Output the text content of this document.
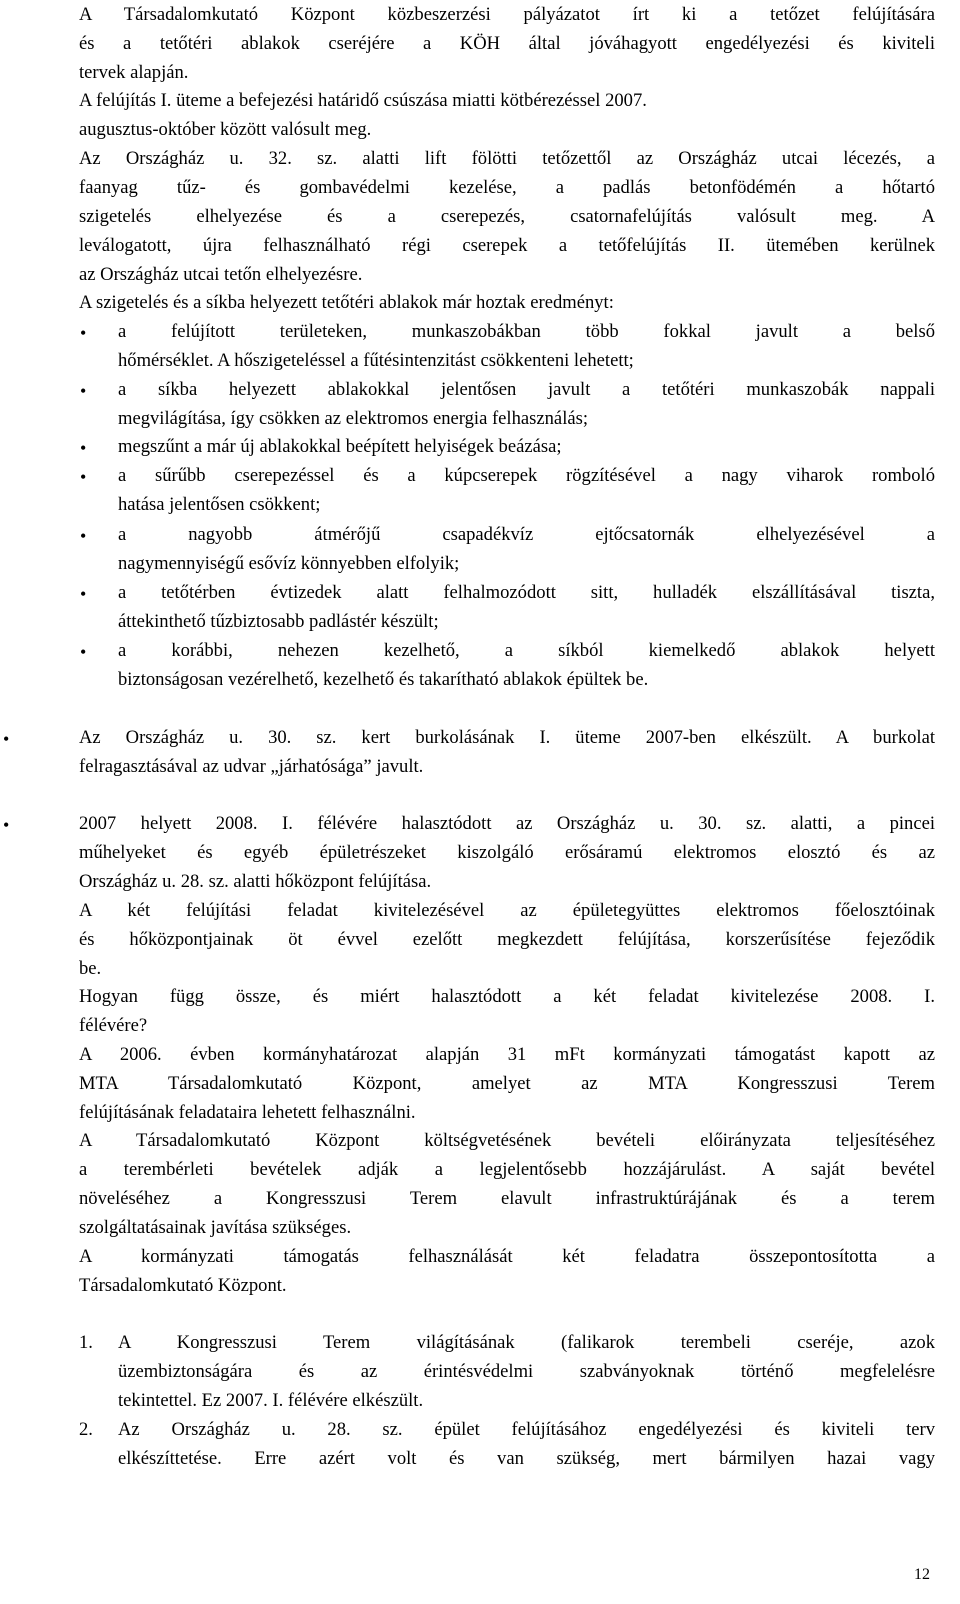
A Társadalomkutató Központ közbeszerzési pályázatot írt ki a tetőzet felújítására

és a tetőtéri ablakok cseréjére a KÖH által jóváhagyott engedélyezési és kiviteli

tervek alapján.

A felújítás I. üteme a befejezési határidő csúszása miatti kötbérezéssel 2007.

augusztus-október között valósult meg.

Az Országház u. 32. sz. alatti lift fölötti tetőzettől az Országház utcai lécezés, a

faanyag tűz- és gombavédelmi kezelése, a padlás betonfödémén a hőtartó

szigetelés elhelyezése és a cserepezés, csatornafelújítás valósult meg. A

leválogatott, újra felhasználható régi cserepek a tetőfelújítás II. ütemében kerülnek

az Országház utcai tetőn elhelyezésre.

A szigetelés és a síkba helyezett tetőtéri ablakok már hoztak eredményt:

• a felújított területeken, munkaszobákban több fokkal javult a belső

hőmérséklet. A hőszigeteléssel a fűtésintenzitást csökkenteni lehetett;

• a síkba helyezett ablakokkal jelentősen javult a tetőtéri munkaszobák nappali

megvilágítása, így csökken az elektromos energia felhasználás;

• megszűnt a már új ablakokkal beépített helyiségek beázása;

• a sűrűbb cserepezéssel és a kúpcserepek rögzítésével a nagy viharok romboló

hatása jelentősen csökkent;

• a nagyobb átmérőjű csapadékvíz ejtőcsatornák elhelyezésével a

nagymennyiségű esővíz könnyebben elfolyik;

• a tetőtérben évtizedek alatt felhalmozódott sitt, hulladék elszállításával tiszta,

áttekinthető tűzbiztosabb padlástér készült;

• a korábbi, nehezen kezelhető, a síkból kiemelkedő ablakok helyett

biztonságosan vezérelhető, kezelhető és takarítható ablakok épültek be.

•	Az Országház u. 30. sz. kert burkolásának I. üteme 2007-ben elkészült. A burkolat

felragasztásával az udvar „járhatósága” javult.

•	2007 helyett 2008. I. félévére halasztódott az Országház u. 30. sz. alatti, a pincei

műhelyeket és egyéb épületrészeket kiszolgáló erősáramú elektromos elosztó és az

Országház u. 28. sz. alatti hőközpont felújítása.

A két felújítási feladat kivitelezésével az épületegyüttes elektromos főelosztóinak

és hőközpontjainak öt évvel ezelőtt megkezdett felújítása, korszerűsítése fejeződik

be.

Hogyan függ össze, és miért halasztódott a két feladat kivitelezése 2008. I.

félévére?

A 2006. évben kormányhatározat alapján 31 mFt kormányzati támogatást kapott az

MTA Társadalomkutató Központ, amelyet az MTA Kongresszusi Terem

felújításának feladataira lehetett felhasználni.

A Társadalomkutató Központ költségvetésének bevételi előirányzata teljesítéséhez

a terembérleti bevételek adják a legjelentősebb hozzájárulást. A saját bevétel

növeléséhez a Kongresszusi Terem elavult infrastruktúrájának és a terem

szolgáltatásainak javítása szükséges.

A kormányzati támogatás felhasználását két feladatra összepontosította a

Társadalomkutató Központ.

1. A Kongresszusi Terem világításának (falikarok terembeli cseréje, azok

üzembiztonságára és az érintésvédelmi szabványoknak történő megfelelésre

tekintettel. Ez 2007. I. félévére elkészült.

2. Az Országház u. 28. sz. épület felújításához engedélyezési és kiviteli terv

elkészíttetése. Erre azért volt és van szükség, mert bármilyen hazai vagy

12
